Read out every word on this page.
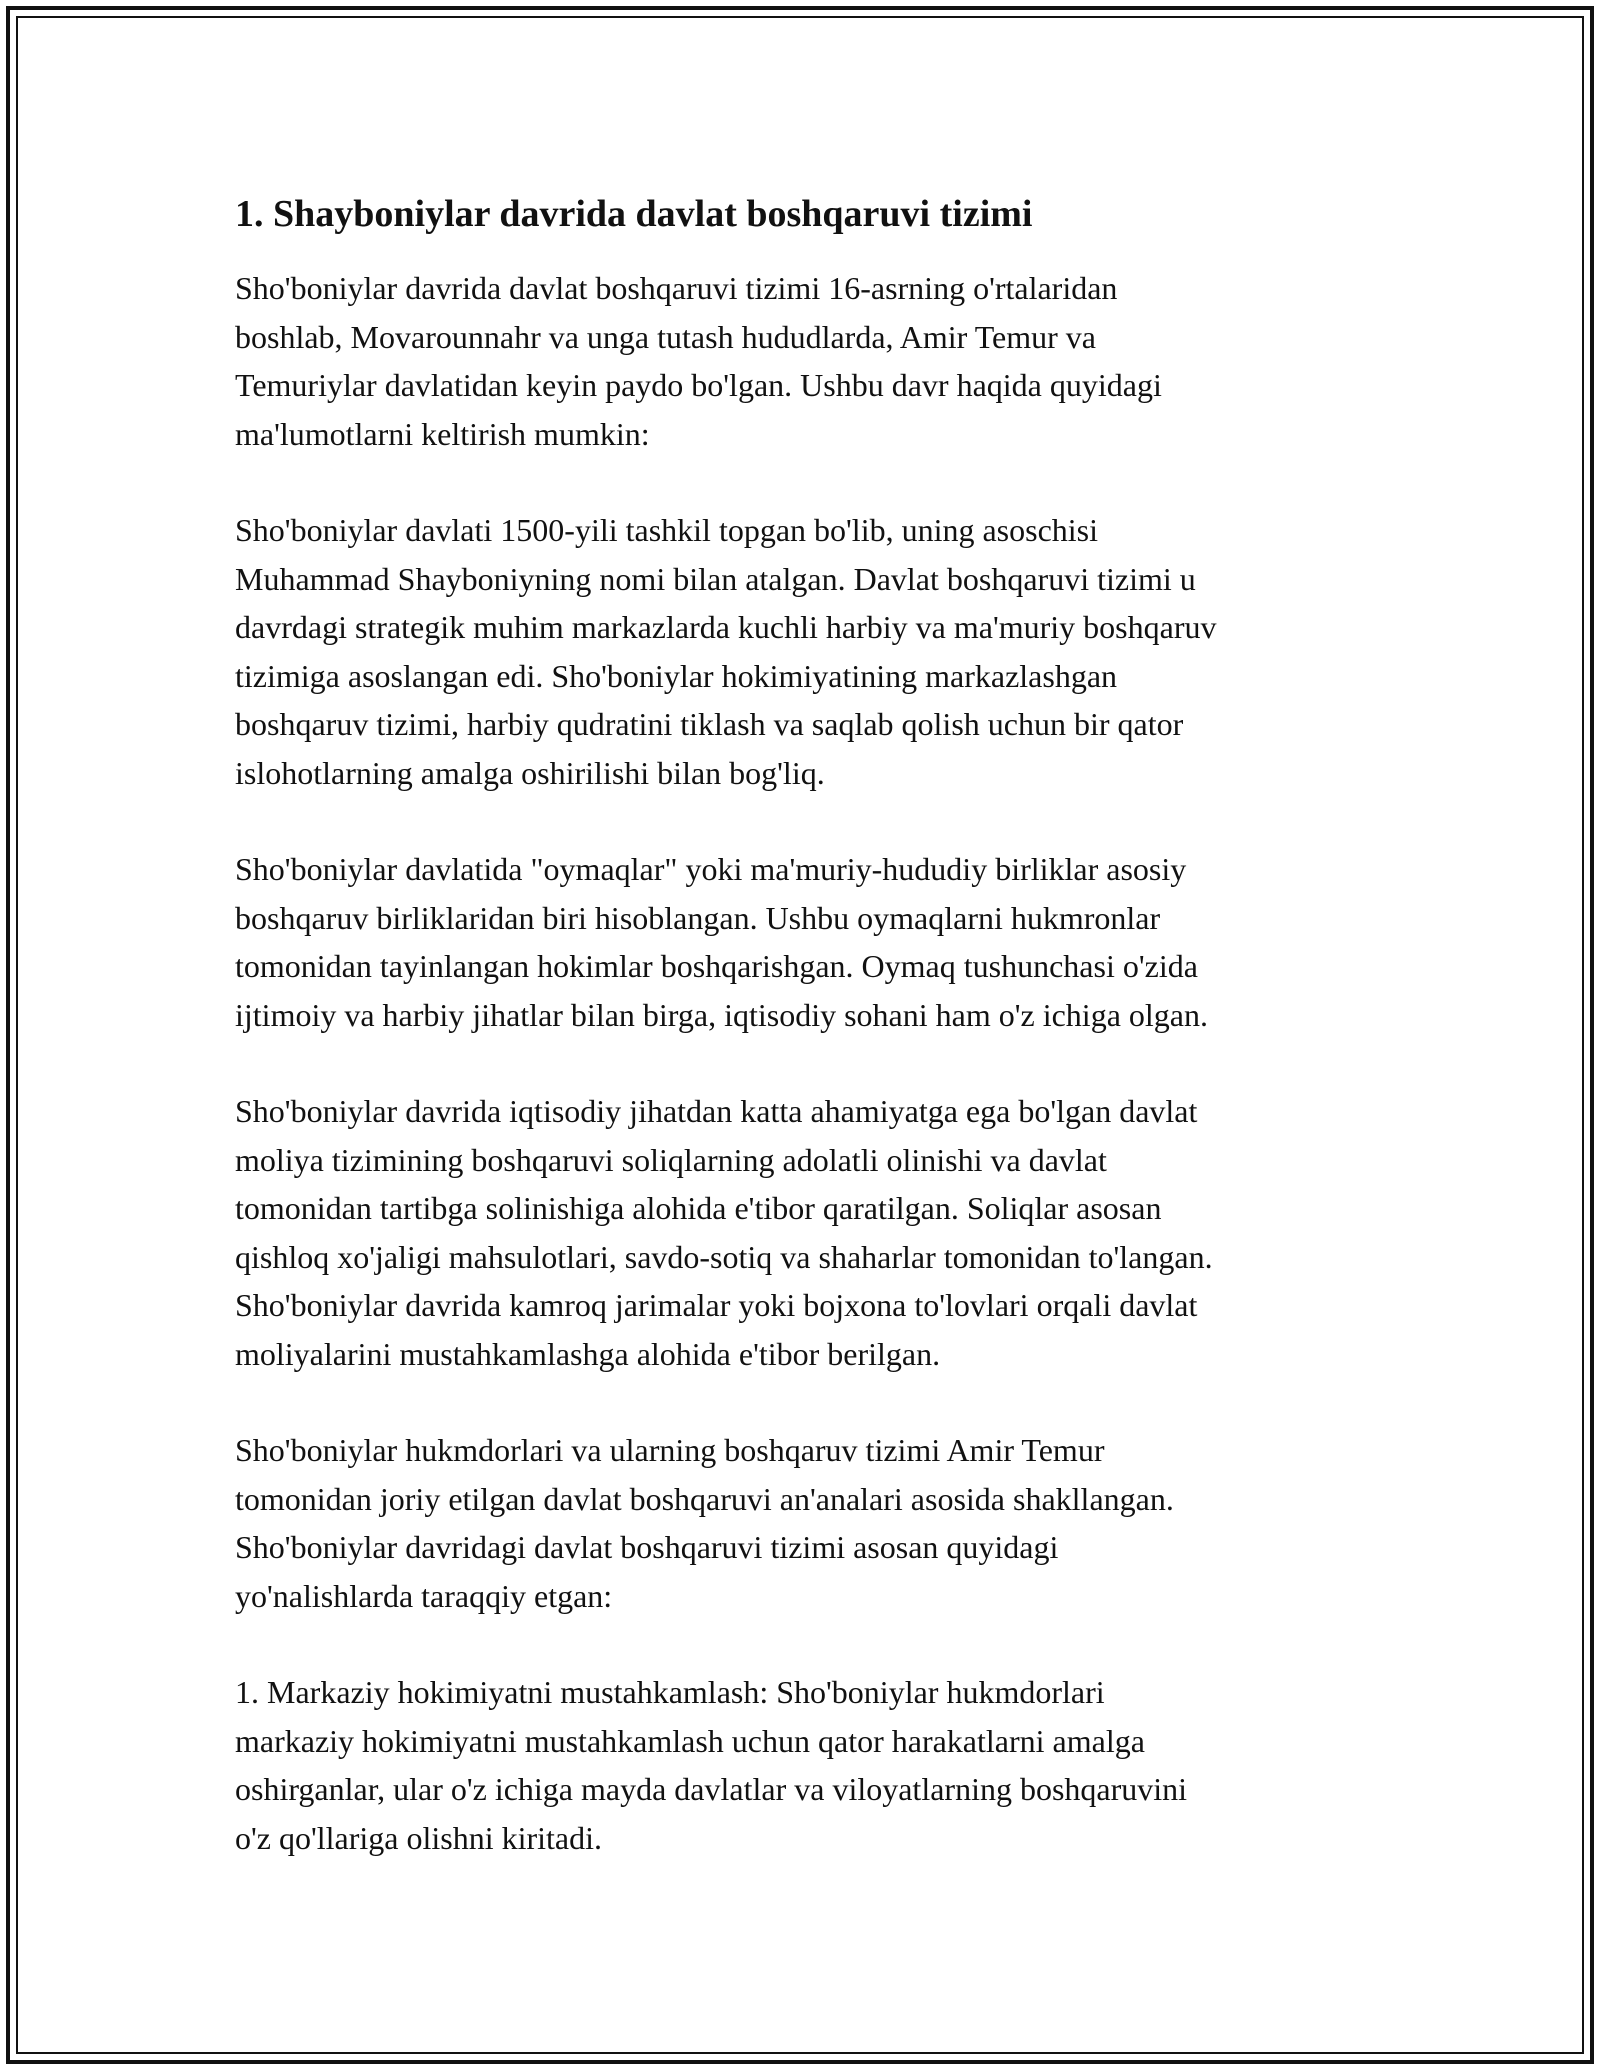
1. Shayboniylar davrida davlat boshqaruvi tizimi

Sho'boniylar davrida davlat boshqaruvi tizimi 16-asrning o'rtalaridan
boshlab, Movarounnahr va unga tutash hududlarda, Amir Temur va
Temuriylar davlatidan keyin paydo bo'lgan. Ushbu davr haqida quyidagi
ma'lumotlarni keltirish mumkin:

Sho'boniylar davlati 1500-yili tashkil topgan bo'lib, uning asoschisi
Muhammad Shayboniyning nomi bilan atalgan. Davlat boshqaruvi tizimi u
davrdagi strategik muhim markazlarda kuchli harbiy va ma'muriy boshqaruv
tizimiga asoslangan edi. Sho'boniylar hokimiyatining markazlashgan
boshqaruv tizimi, harbiy qudratini tiklash va saqlab qolish uchun bir qator
islohotlarning amalga oshirilishi bilan bog'liq.

Sho'boniylar davlatida "oymaqlar" yoki ma'muriy-hududiy birliklar asosiy
boshqaruv birliklaridan biri hisoblangan. Ushbu oymaqlarni hukmronlar
tomonidan tayinlangan hokimlar boshqarishgan. Oymaq tushunchasi o'zida
ijtimoiy va harbiy jihatlar bilan birga, iqtisodiy sohani ham o'z ichiga olgan.

Sho'boniylar davrida iqtisodiy jihatdan katta ahamiyatga ega bo'lgan davlat
moliya tizimining boshqaruvi soliqlarning adolatli olinishi va davlat
tomonidan tartibga solinishiga alohida e'tibor qaratilgan. Soliqlar asosan
qishloq xo'jaligi mahsulotlari, savdo-sotiq va shaharlar tomonidan to'langan.
Sho'boniylar davrida kamroq jarimalar yoki bojxona to'lovlari orqali davlat
moliyalarini mustahkamlashga alohida e'tibor berilgan.

Sho'boniylar hukmdorlari va ularning boshqaruv tizimi Amir Temur
tomonidan joriy etilgan davlat boshqaruvi an'analari asosida shakllangan.
Sho'boniylar davridagi davlat boshqaruvi tizimi asosan quyidagi
yo'nalishlarda taraqqiy etgan:

1. Markaziy hokimiyatni mustahkamlash: Sho'boniylar hukmdorlari
markaziy hokimiyatni mustahkamlash uchun qator harakatlarni amalga
oshirganlar, ular o'z ichiga mayda davlatlar va viloyatlarning boshqaruvini
o'z qo'llariga olishni kiritadi.
